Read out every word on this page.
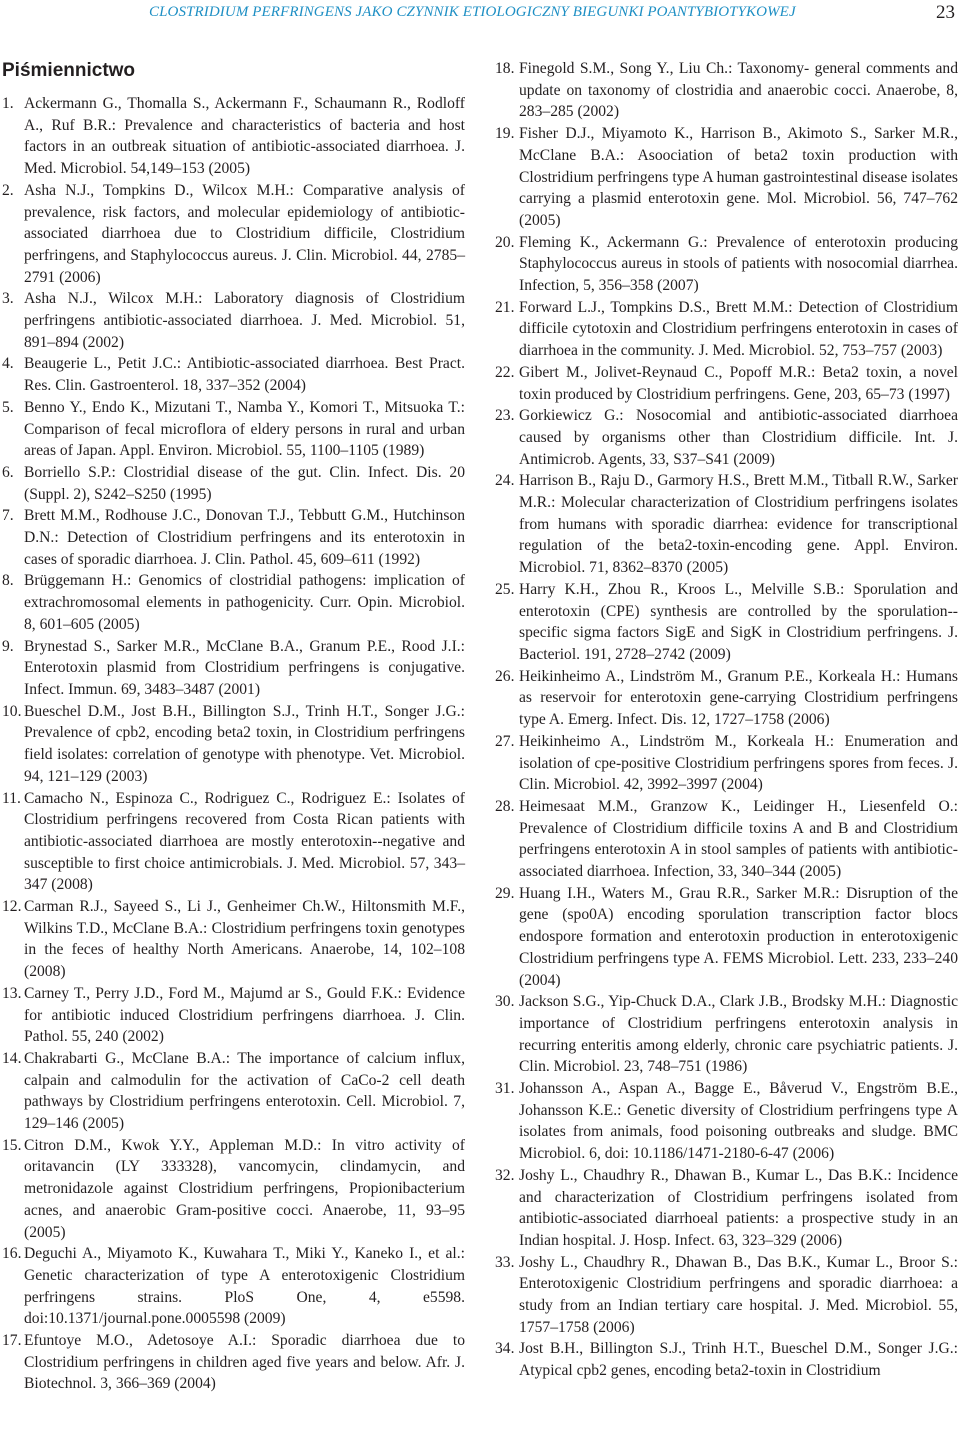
CLOSTRIDIUM PERFRINGENS JAKO CZYNNIK ETIOLOGICZNY BIEGUNKI POANTYBIOTYKOWEJ	23
Piśmiennictwo
1. Ackermann G., Thomalla S., Ackermann F., Schaumann R., Rodloff A., Ruf B.R.: Prevalence and characteristics of bacteria and host factors in an outbreak situation of antibiotic-associated diarrhoea. J. Med. Microbiol. 54,149–153 (2005)
2. Asha N.J., Tompkins D., Wilcox M.H.: Comparative analysis of prevalence, risk factors, and molecular epidemiology of antibiotic-associated diarrhoea due to Clostridium difficile, Clostridium perfringens, and Staphylococcus aureus. J. Clin. Microbiol. 44, 2785–2791 (2006)
3. Asha N.J., Wilcox M.H.: Laboratory diagnosis of Clostridium perfringens antibiotic-associated diarrhoea. J. Med. Microbiol. 51, 891–894 (2002)
4. Beaugerie L., Petit J.C.: Antibiotic-associated diarrhoea. Best Pract. Res. Clin. Gastroenterol. 18, 337–352 (2004)
5. Benno Y., Endo K., Mizutani T., Namba Y., Komori T., Mitsuoka T.: Comparison of fecal microflora of eldery persons in rural and urban areas of Japan. Appl. Environ. Microbiol. 55, 1100–1105 (1989)
6. Borriello S.P.: Clostridial disease of the gut. Clin. Infect. Dis. 20 (Suppl. 2), S242–S250 (1995)
7. Brett M.M., Rodhouse J.C., Donovan T.J., Tebbutt G.M., Hutchinson D.N.: Detection of Clostridium perfringens and its enterotoxin in cases of sporadic diarrhoea. J. Clin. Pathol. 45, 609–611 (1992)
8. Brüggemann H.: Genomics of clostridial pathogens: implication of extrachromosomal elements in pathogenicity. Curr. Opin. Microbiol. 8, 601–605 (2005)
9. Brynestad S., Sarker M.R., McClane B.A., Granum P.E., Rood J.I.: Enterotoxin plasmid from Clostridium perfringens is conjugative. Infect. Immun. 69, 3483–3487 (2001)
10. Bueschel D.M., Jost B.H., Billington S.J., Trinh H.T., Songer J.G.: Prevalence of cpb2, encoding beta2 toxin, in Clostridium perfringens field isolates: correlation of genotype with phenotype. Vet. Microbiol. 94, 121–129 (2003)
11. Camacho N., Espinoza C., Rodriguez C., Rodriguez E.: Isolates of Clostridium perfringens recovered from Costa Rican patients with antibiotic-associated diarrhoea are mostly enterotoxin--negative and susceptible to first choice antimicrobials. J. Med. Microbiol. 57, 343–347 (2008)
12. Carman R.J., Sayeed S., Li J., Genheimer Ch.W., Hiltonsmith M.F., Wilkins T.D., McClane B.A.: Clostridium perfringens toxin genotypes in the feces of healthy North Americans. Anaerobe, 14, 102–108 (2008)
13. Carney T., Perry J.D., Ford M., Majumd ar S., Gould F.K.: Evidence for antibiotic induced Clostridium perfringens diarrhoea. J. Clin. Pathol. 55, 240 (2002)
14. Chakrabarti G., McClane B.A.: The importance of calcium influx, calpain and calmodulin for the activation of CaCo-2 cell death pathways by Clostridium perfringens enterotoxin. Cell. Microbiol. 7, 129–146 (2005)
15. Citron D.M., Kwok Y.Y., Appleman M.D.: In vitro activity of oritavancin (LY 333328), vancomycin, clindamycin, and metronidazole against Clostridium perfringens, Propionibacterium acnes, and anaerobic Gram-positive cocci. Anaerobe, 11, 93–95 (2005)
16. Deguchi A., Miyamoto K., Kuwahara T., Miki Y., Kaneko I., et al.: Genetic characterization of type A enterotoxigenic Clostridium perfringens strains. PloS One, 4, e5598. doi:10.1371/journal.pone.0005598 (2009)
17. Efuntoye M.O., Adetosoye A.I.: Sporadic diarrhoea due to Clostridium perfringens in children aged five years and below. Afr. J. Biotechnol. 3, 366–369 (2004)
18. Finegold S.M., Song Y., Liu Ch.: Taxonomy- general comments and update on taxonomy of clostridia and anaerobic cocci. Anaerobe, 8, 283–285 (2002)
19. Fisher D.J., Miyamoto K., Harrison B., Akimoto S., Sarker M.R., McClane B.A.: Asoociation of beta2 toxin production with Clostridium perfringens type A human gastrointestinal disease isolates carrying a plasmid enterotoxin gene. Mol. Microbiol. 56, 747–762 (2005)
20. Fleming K., Ackermann G.: Prevalence of enterotoxin producing Staphylococcus aureus in stools of patients with nosocomial diarrhea. Infection, 5, 356–358 (2007)
21. Forward L.J., Tompkins D.S., Brett M.M.: Detection of Clostridium difficile cytotoxin and Clostridium perfringens enterotoxin in cases of diarrhoea in the community. J. Med. Microbiol. 52, 753–757 (2003)
22. Gibert M., Jolivet-Reynaud C., Popoff M.R.: Beta2 toxin, a novel toxin produced by Clostridium perfringens. Gene, 203, 65–73 (1997)
23. Gorkiewicz G.: Nosocomial and antibiotic-associated diarrhoea caused by organisms other than Clostridium difficile. Int. J. Antimicrob. Agents, 33, S37–S41 (2009)
24. Harrison B., Raju D., Garmory H.S., Brett M.M., Titball R.W., Sarker M.R.: Molecular characterization of Clostridium perfringens isolates from humans with sporadic diarrhea: evidence for transcriptional regulation of the beta2-toxin-encoding gene. Appl. Environ. Microbiol. 71, 8362–8370 (2005)
25. Harry K.H., Zhou R., Kroos L., Melville S.B.: Sporulation and enterotoxin (CPE) synthesis are controlled by the sporulation--specific sigma factors SigE and SigK in Clostridium perfringens. J. Bacteriol. 191, 2728–2742 (2009)
26. Heikinheimo A., Lindström M., Granum P.E., Korkeala H.: Humans as reservoir for enterotoxin gene-carrying Clostridium perfringens type A. Emerg. Infect. Dis. 12, 1727–1758 (2006)
27. Heikinheimo A., Lindström M., Korkeala H.: Enumeration and isolation of cpe-positive Clostridium perfringens spores from feces. J. Clin. Microbiol. 42, 3992–3997 (2004)
28. Heimesaat M.M., Granzow K., Leidinger H., Liesenfeld O.: Prevalence of Clostridium difficile toxins A and B and Clostridium perfringens enterotoxin A in stool samples of patients with antibiotic-associated diarrhoea. Infection, 33, 340–344 (2005)
29. Huang I.H., Waters M., Grau R.R., Sarker M.R.: Disruption of the gene (spo0A) encoding sporulation transcription factor blocs endospore formation and enterotoxin production in enterotoxigenic Clostridium perfringens type A. FEMS Microbiol. Lett. 233, 233–240 (2004)
30. Jackson S.G., Yip-Chuck D.A., Clark J.B., Brodsky M.H.: Diagnostic importance of Clostridium perfringens enterotoxin analysis in recurring enteritis among elderly, chronic care psychiatric patients. J. Clin. Microbiol. 23, 748–751 (1986)
31. Johansson A., Aspan A., Bagge E., Båverud V., Engström B.E., Johansson K.E.: Genetic diversity of Clostridium perfringens type A isolates from animals, food poisoning outbreaks and sludge. BMC Microbiol. 6, doi: 10.1186/1471-2180-6-47 (2006)
32. Joshy L., Chaudhry R., Dhawan B., Kumar L., Das B.K.: Incidence and characterization of Clostridium perfringens isolated from antibiotic-associated diarrhoeal patients: a prospective study in an Indian hospital. J. Hosp. Infect. 63, 323–329 (2006)
33. Joshy L., Chaudhry R., Dhawan B., Das B.K., Kumar L., Broor S.: Enterotoxigenic Clostridium perfringens and sporadic diarrhoea: a study from an Indian tertiary care hospital. J. Med. Microbiol. 55, 1757–1758 (2006)
34. Jost B.H., Billington S.J., Trinh H.T., Bueschel D.M., Songer J.G.: Atypical cpb2 genes, encoding beta2-toxin in Clostridium
